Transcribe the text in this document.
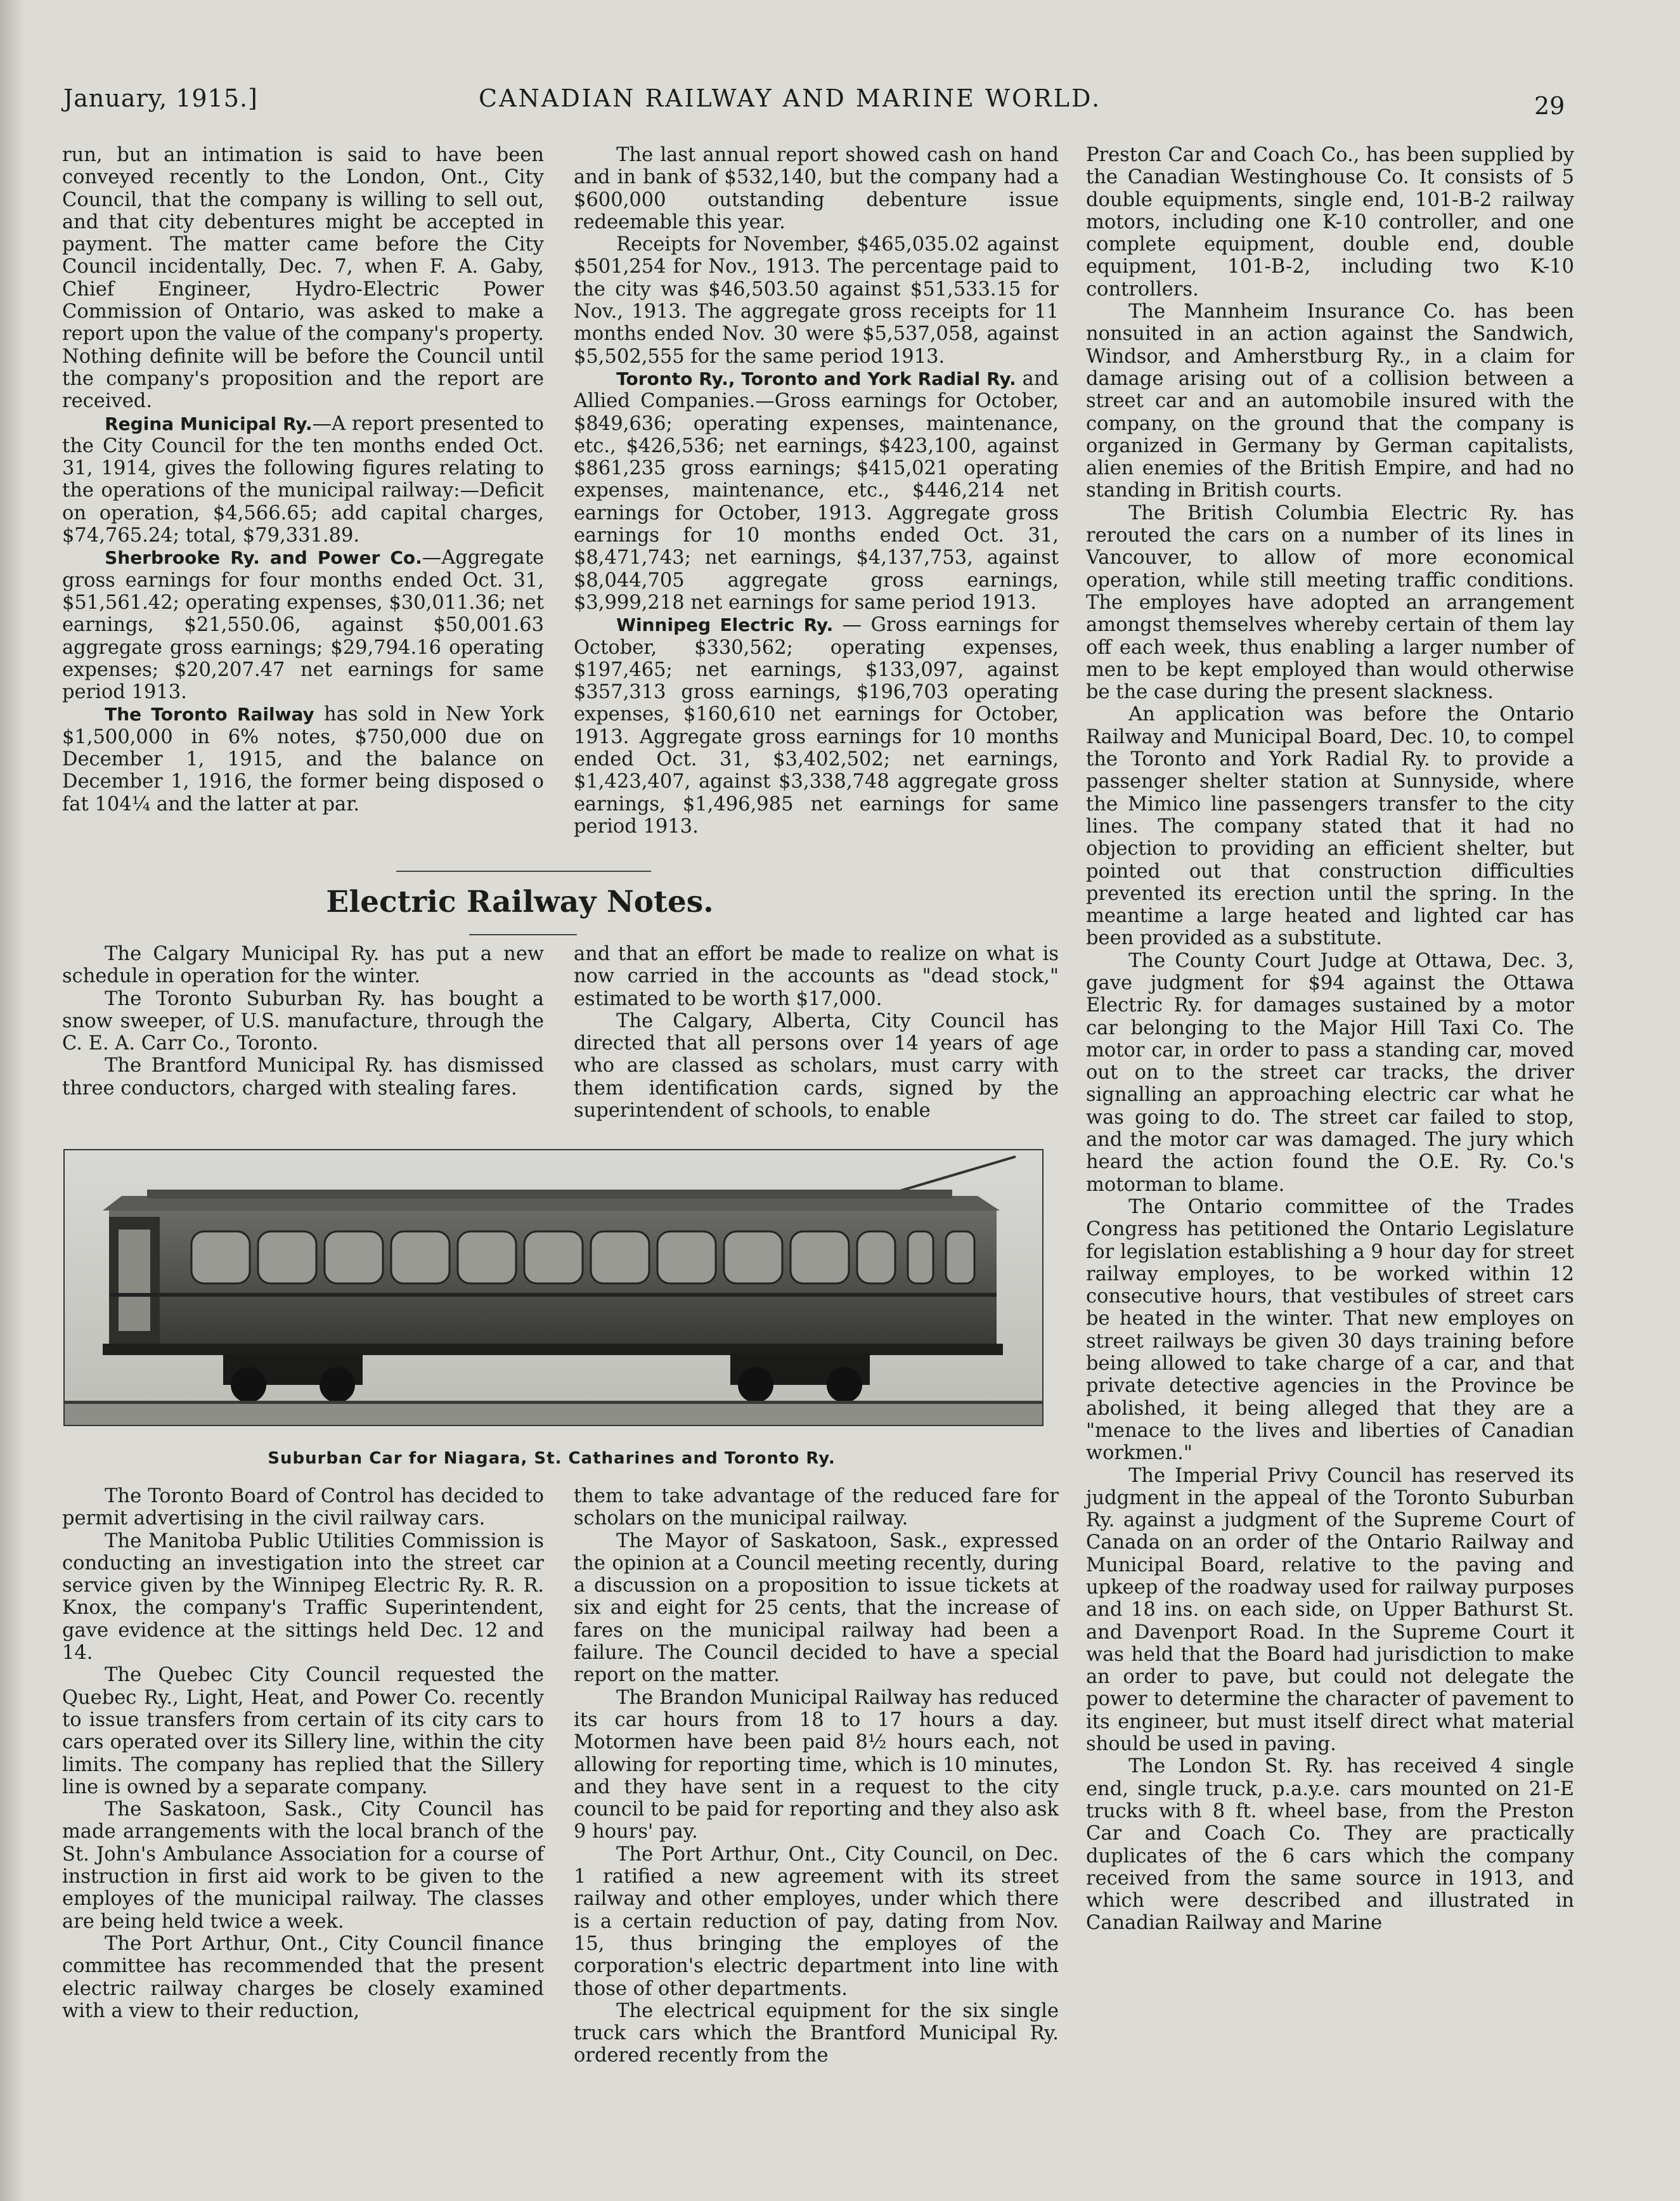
January, 1915.]	CANADIAN RAILWAY AND MARINE WORLD.	29

run, but an intimation is said to have been conveyed recently to the London, Ont., City Council, that the company is willing to sell out, and that city debentures might be accepted in payment. The matter came before the City Council incidentally, Dec. 7, when F. A. Gaby, Chief Engineer, Hydro-Electric Power Commission of Ontario, was asked to make a report upon the value of the company's property. Nothing definite will be before the Council until the company's proposition and the report are received.

Regina Municipal Ry.—A report presented to the City Council for the ten months ended Oct. 31, 1914, gives the following figures relating to the operations of the municipal railway:—Deficit on operation, $4,566.65; add capital charges, $74,765.24; total, $79,331.89.

Sherbrooke Ry. and Power Co.—Aggregate gross earnings for four months ended Oct. 31, $51,561.42; operating expenses, $30,011.36; net earnings, $21,550.06, against $50,001.63 aggregate gross earnings; $29,794.16 operating expenses; $20,207.47 net earnings for same period 1913.

The Toronto Railway has sold in New York $1,500,000 in 6% notes, $750,000 due on December 1, 1915, and the balance on December 1, 1916, the former being disposed o fat 104¼ and the latter at par.

The last annual report showed cash on hand and in bank of $532,140, but the company had a $600,000 outstanding debenture issue redeemable this year.

Receipts for November, $465,035.02 against $501,254 for Nov., 1913. The percentage paid to the city was $46,503.50 against $51,533.15 for Nov., 1913. The aggregate gross receipts for 11 months ended Nov. 30 were $5,537,058, against $5,502,555 for the same period 1913.

Toronto Ry., Toronto and York Radial Ry. and Allied Companies.—Gross earnings for October, $849,636; operating expenses, maintenance, etc., $426,536; net earnings, $423,100, against $861,235 gross earnings; $415,021 operating expenses, maintenance, etc., $446,214 net earnings for October, 1913. Aggregate gross earnings for 10 months ended Oct. 31, $8,471,743; net earnings, $4,137,753, against $8,044,705 aggregate gross earnings, $3,999,218 net earnings for same period 1913.

Winnipeg Electric Ry. — Gross earnings for October, $330,562; operating expenses, $197,465; net earnings, $133,097, against $357,313 gross earnings, $196,703 operating expenses, $160,610 net earnings for October, 1913. Aggregate gross earnings for 10 months ended Oct. 31, $3,402,502; net earnings, $1,423,407, against $3,338,748 aggregate gross earnings, $1,496,985 net earnings for same period 1913.

Electric Railway Notes.

The Calgary Municipal Ry. has put a new schedule in operation for the winter.

The Toronto Suburban Ry. has bought a snow sweeper, of U.S. manufacture, through the C. E. A. Carr Co., Toronto.

The Brantford Municipal Ry. has dismissed three conductors, charged with stealing fares.

and that an effort be made to realize on what is now carried in the accounts as "dead stock," estimated to be worth $17,000.

The Calgary, Alberta, City Council has directed that all persons over 14 years of age who are classed as scholars, must carry with them identification cards, signed by the superintendent of schools, to enable

Suburban Car for Niagara, St. Catharines and Toronto Ry.

The Toronto Board of Control has decided to permit advertising in the civil railway cars.

The Manitoba Public Utilities Commission is conducting an investigation into the street car service given by the Winnipeg Electric Ry. R. R. Knox, the company's Traffic Superintendent, gave evidence at the sittings held Dec. 12 and 14.

The Quebec City Council requested the Quebec Ry., Light, Heat, and Power Co. recently to issue transfers from certain of its city cars to cars operated over its Sillery line, within the city limits. The company has replied that the Sillery line is owned by a separate company.

The Saskatoon, Sask., City Council has made arrangements with the local branch of the St. John's Ambulance Association for a course of instruction in first aid work to be given to the employes of the municipal railway. The classes are being held twice a week.

The Port Arthur, Ont., City Council finance committee has recommended that the present electric railway charges be closely examined with a view to their reduction,

them to take advantage of the reduced fare for scholars on the municipal railway.

The Mayor of Saskatoon, Sask., expressed the opinion at a Council meeting recently, during a discussion on a proposition to issue tickets at six and eight for 25 cents, that the increase of fares on the municipal railway had been a failure. The Council decided to have a special report on the matter.

The Brandon Municipal Railway has reduced its car hours from 18 to 17 hours a day. Motormen have been paid 8½ hours each, not allowing for reporting time, which is 10 minutes, and they have sent in a request to the city council to be paid for reporting and they also ask 9 hours' pay.

The Port Arthur, Ont., City Council, on Dec. 1 ratified a new agreement with its street railway and other employes, under which there is a certain reduction of pay, dating from Nov. 15, thus bringing the employes of the corporation's electric department into line with those of other departments.

The electrical equipment for the six single truck cars which the Brantford Municipal Ry. ordered recently from the

Preston Car and Coach Co., has been supplied by the Canadian Westinghouse Co. It consists of 5 double equipments, single end, 101-B-2 railway motors, including one K-10 controller, and one complete equipment, double end, double equipment, 101-B-2, including two K-10 controllers.

The Mannheim Insurance Co. has been nonsuited in an action against the Sandwich, Windsor, and Amherstburg Ry., in a claim for damage arising out of a collision between a street car and an automobile insured with the company, on the ground that the company is organized in Germany by German capitalists, alien enemies of the British Empire, and had no standing in British courts.

The British Columbia Electric Ry. has rerouted the cars on a number of its lines in Vancouver, to allow of more economical operation, while still meeting traffic conditions. The employes have adopted an arrangement amongst themselves whereby certain of them lay off each week, thus enabling a larger number of men to be kept employed than would otherwise be the case during the present slackness.

An application was before the Ontario Railway and Municipal Board, Dec. 10, to compel the Toronto and York Radial Ry. to provide a passenger shelter station at Sunnyside, where the Mimico line passengers transfer to the city lines. The company stated that it had no objection to providing an efficient shelter, but pointed out that construction difficulties prevented its erection until the spring. In the meantime a large heated and lighted car has been provided as a substitute.

The County Court Judge at Ottawa, Dec. 3, gave judgment for $94 against the Ottawa Electric Ry. for damages sustained by a motor car belonging to the Major Hill Taxi Co. The motor car, in order to pass a standing car, moved out on to the street car tracks, the driver signalling an approaching electric car what he was going to do. The street car failed to stop, and the motor car was damaged. The jury which heard the action found the O.E. Ry. Co.'s motorman to blame.

The Ontario committee of the Trades Congress has petitioned the Ontario Legislature for legislation establishing a 9 hour day for street railway employes, to be worked within 12 consecutive hours, that vestibules of street cars be heated in the winter. That new employes on street railways be given 30 days training before being allowed to take charge of a car, and that private detective agencies in the Province be abolished, it being alleged that they are a "menace to the lives and liberties of Canadian workmen."

The Imperial Privy Council has reserved its judgment in the appeal of the Toronto Suburban Ry. against a judgment of the Supreme Court of Canada on an order of the Ontario Railway and Municipal Board, relative to the paving and upkeep of the roadway used for railway purposes and 18 ins. on each side, on Upper Bathurst St. and Davenport Road. In the Supreme Court it was held that the Board had jurisdiction to make an order to pave, but could not delegate the power to determine the character of pavement to its engineer, but must itself direct what material should be used in paving.

The London St. Ry. has received 4 single end, single truck, p.a.y.e. cars mounted on 21-E trucks with 8 ft. wheel base, from the Preston Car and Coach Co. They are practically duplicates of the 6 cars which the company received from the same source in 1913, and which were described and illustrated in Canadian Railway and Marine
